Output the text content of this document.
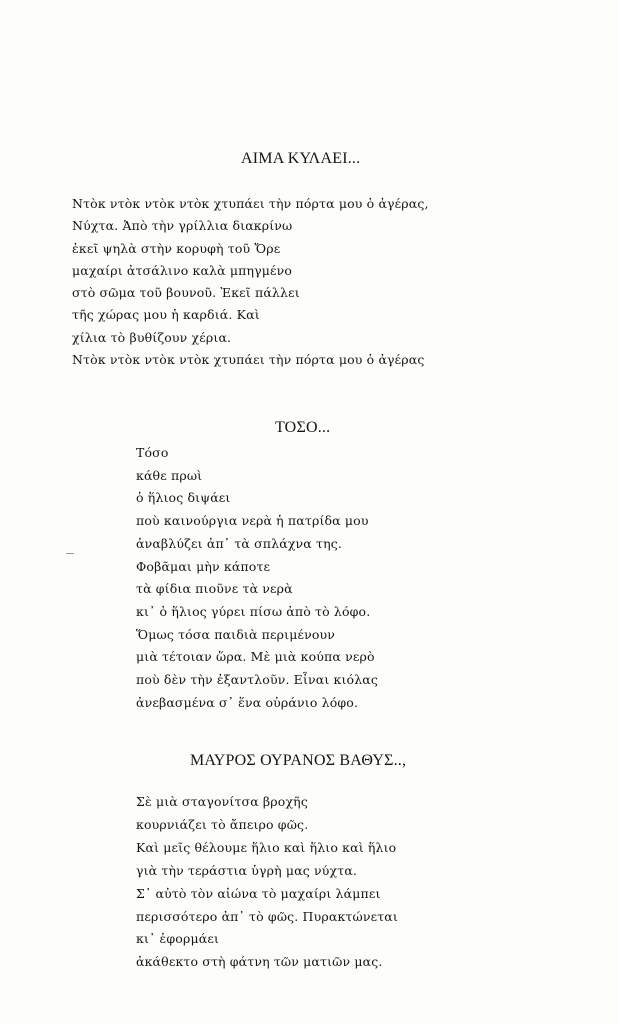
ΑΙΜΑ ΚΥΛΑΕΙ...
Ντὸκ ντὸκ ντὸκ ντὸκ χτυπάει τὴν πόρτα μου ὁ ἀγέρας,
Νύχτα. Ἀπὸ τὴν γρίλλια διακρίνω
ἐκεῖ ψηλὰ στὴν κορυφὴ τοῦ Ὄρε
μαχαίρι ἀτσάλινο καλὰ μπηγμένο
στὸ σῶμα τοῦ βουνοῦ. Ἐκεῖ πάλλει
τῆς χώρας μου ἡ καρδιά. Καὶ
χίλια τὸ βυθίζουν χέρια.
Ντὸκ ντὸκ ντὸκ ντὸκ χτυπάει τὴν πόρτα μου ὁ ἀγέρας
ΤΟΣΟ...
Τόσο
κάθε πρωὶ
ὁ ἥλιος διψάει
ποὺ καινούργια νερὰ ἡ πατρίδα μου
ἀναβλύζει ἀπ᾿ τὰ σπλάχνα της.
Φοβᾶμαι μὴν κάποτε
τὰ φίδια πιοῦνε τὰ νερὰ
κι᾿ ὁ ἥλιος γύρει πίσω ἀπὸ τὸ λόφο.
Ὅμως τόσα παιδιὰ περιμένουν
μιὰ τέτοιαν ὥρα. Μὲ μιὰ κούπα νερὸ
ποὺ δὲν τὴν ἐξαντλοῦν. Εἶναι κιόλας
ἀνεβασμένα σ᾿ ἕνα οὐράνιο λόφο.
ΜΑΥΡΟΣ ΟΥΡΑΝΟΣ ΒΑΘΥΣ..,
Σὲ μιὰ σταγονίτσα βροχῆς
κουρνιάζει τὸ ἄπειρο φῶς.
Καὶ μεῖς θέλουμε ἥλιο καὶ ἥλιο καὶ ἥλιο
γιὰ τὴν τεράστια ὑγρὴ μας νύχτα.
Σ᾿ αὐτὸ τὸν αἰώνα τὸ μαχαίρι λάμπει
περισσότερο ἀπ᾿ τὸ φῶς. Πυρακτώνεται
κι᾿ ἐφορμάει
ἀκάθεκτο στὴ φάτνη τῶν ματιῶν μας.
